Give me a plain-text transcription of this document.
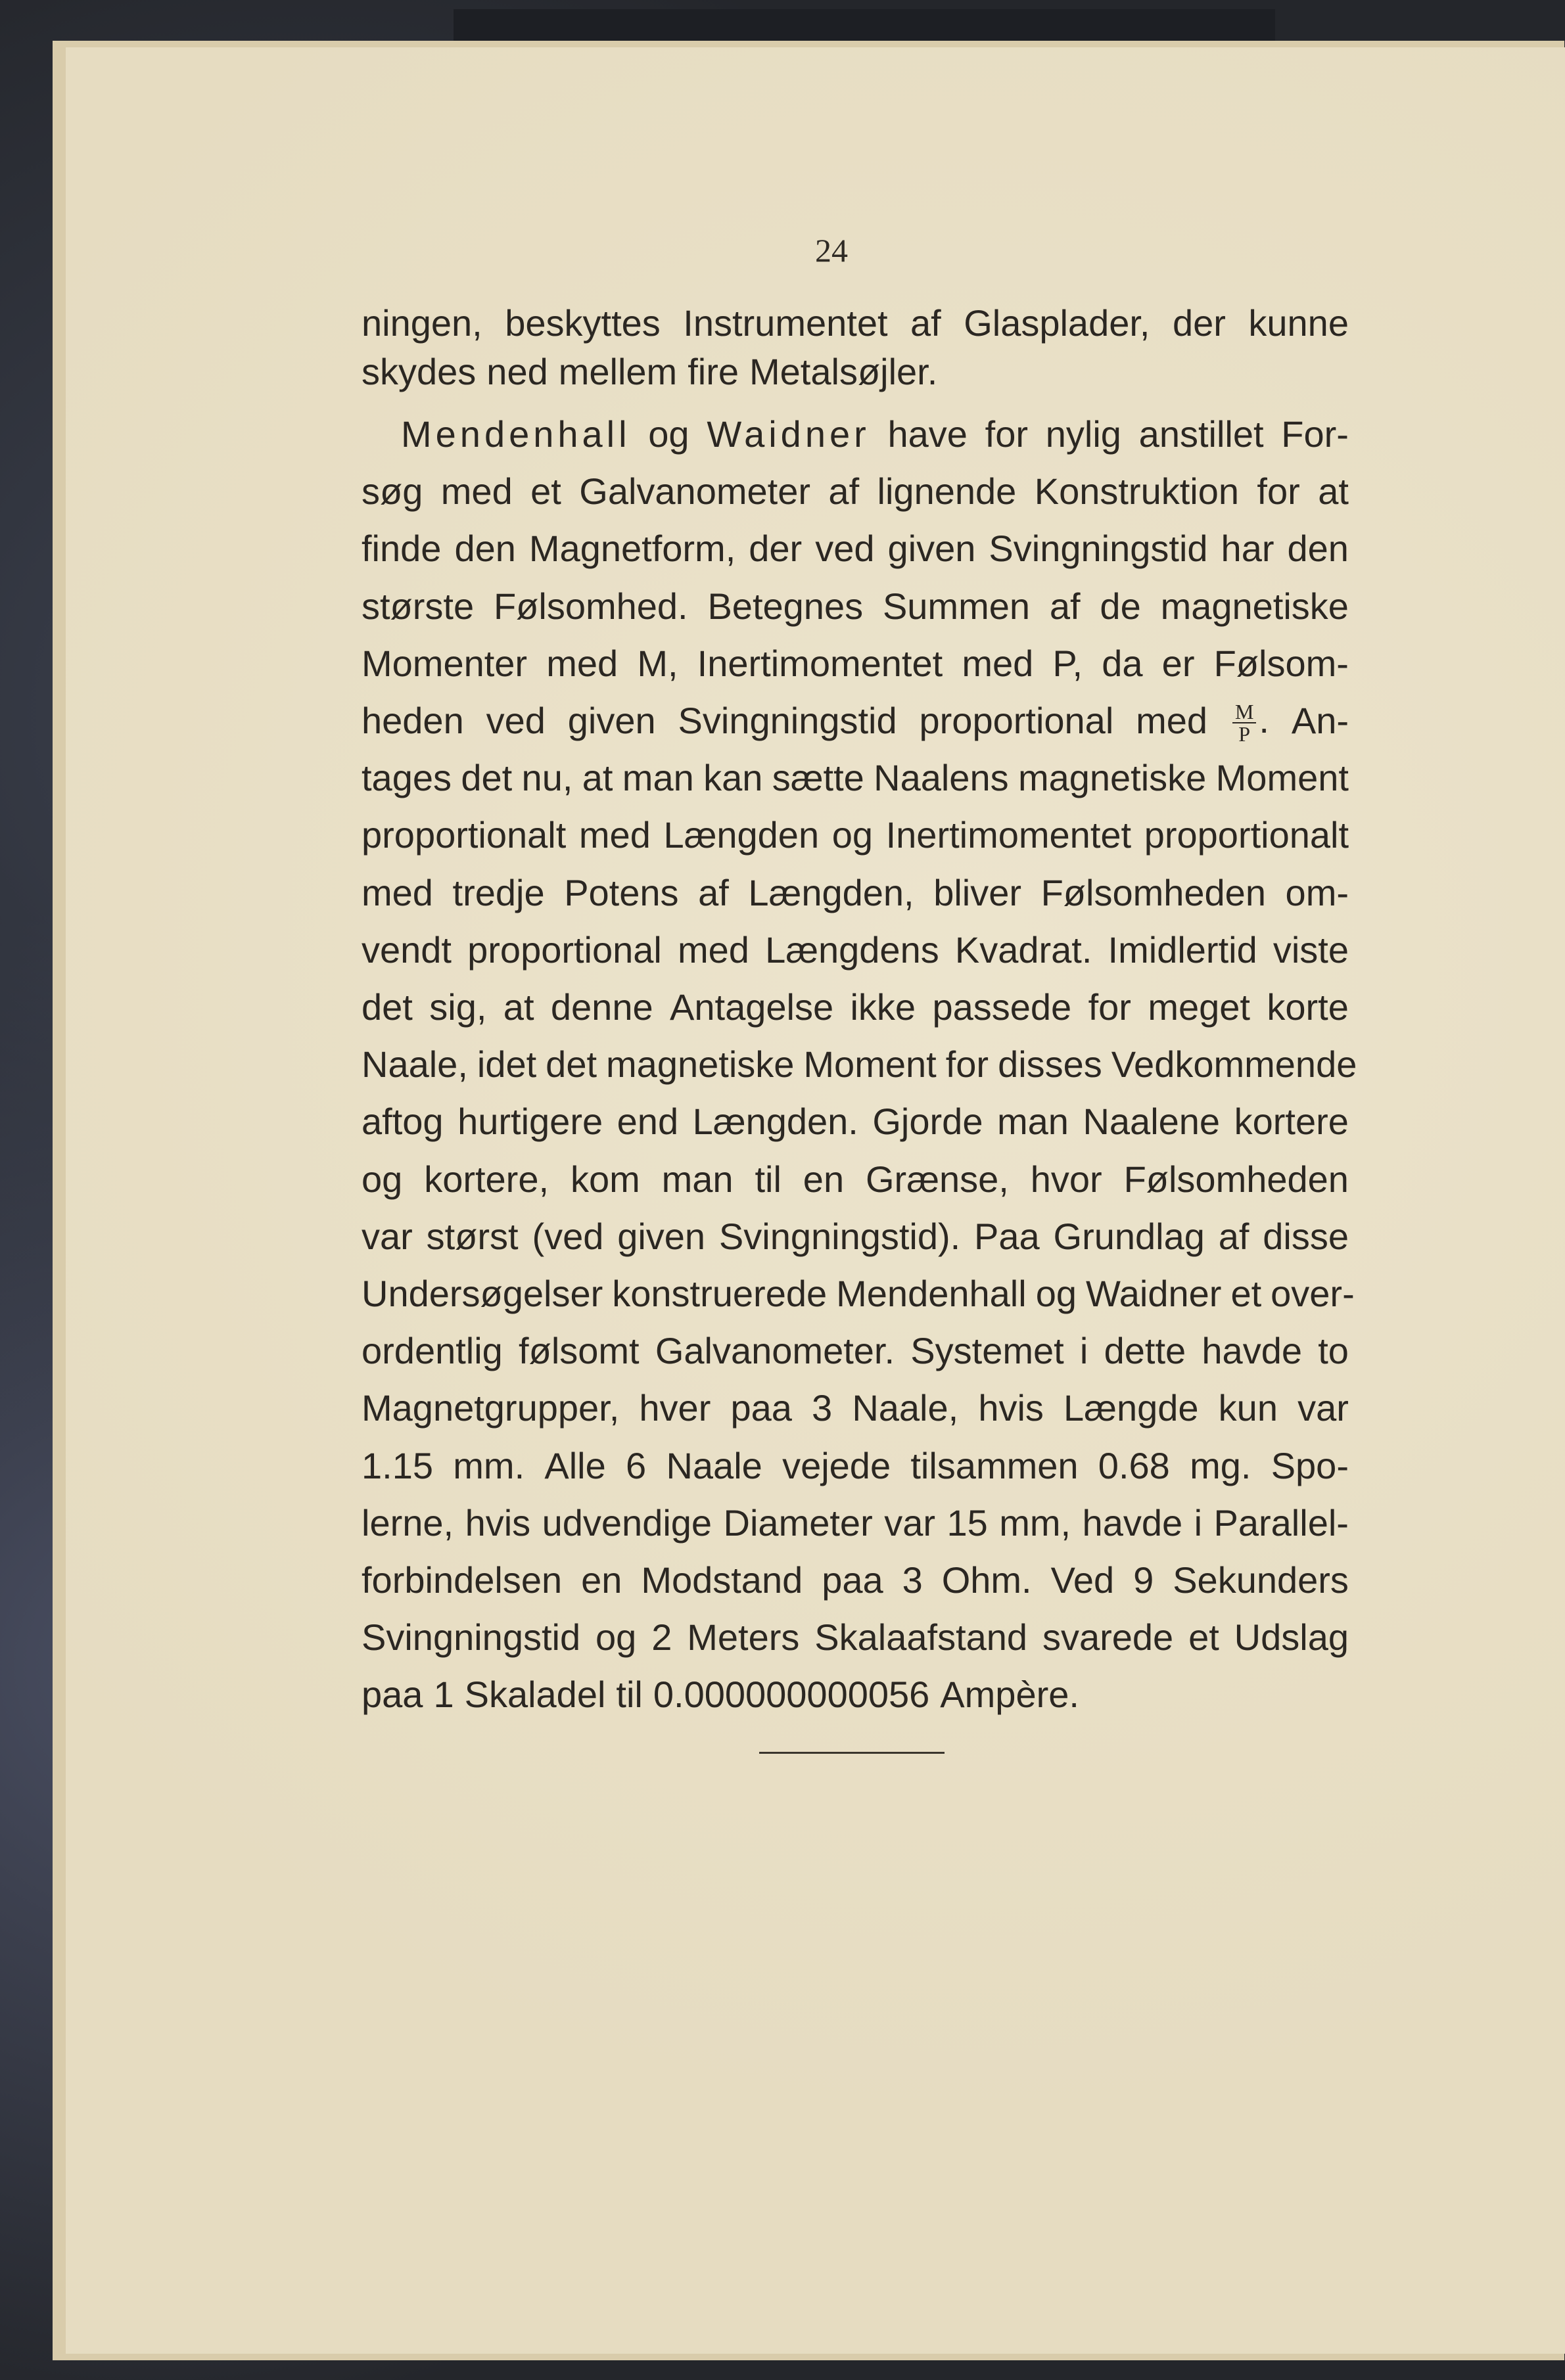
24
ningen, beskyttes Instrumentet af Glasplader, der kunne
skydes ned mellem fire Metalsøjler.
Mendenhall og Waidner have for nylig anstillet For-
søg med et Galvanometer af lignende Konstruktion for at
finde den Magnetform, der ved given Svingningstid har den
største Følsomhed. Betegnes Summen af de magnetiske
Momenter med M, Inertimomentet med P, da er Følsom-
heden ved given Svingningstid proportional med $\frac{M}{P}$ . An-
tages det nu, at man kan sætte Naalens magnetiske Moment
proportionalt med Længden og Inertimomentet proportionalt
med tredje Potens af Længden, bliver Følsomheden om-
vendt proportional med Længdens Kvadrat. Imidlertid viste
det sig, at denne Antagelse ikke passede for meget korte
Naale, idet det magnetiske Moment for disses Vedkommende
aftog hurtigere end Længden. Gjorde man Naalene kortere
og kortere, kom man til en Grænse, hvor Følsomheden
var størst (ved given Svingningstid). Paa Grundlag af disse
Undersøgelser konstruerede Mendenhall og Waidner et over-
ordentlig følsomt Galvanometer. Systemet i dette havde to
Magnetgrupper, hver paa 3 Naale, hvis Længde kun var
1.15 mm. Alle 6 Naale vejede tilsammen 0.68 mg. Spo-
lerne, hvis udvendige Diameter var 15 mm, havde i Parallel-
forbindelsen en Modstand paa 3 Ohm. Ved 9 Sekunders
Svingningstid og 2 Meters Skalaafstand svarede et Udslag
paa 1 Skaladel til 0.000000000056 Ampère.
